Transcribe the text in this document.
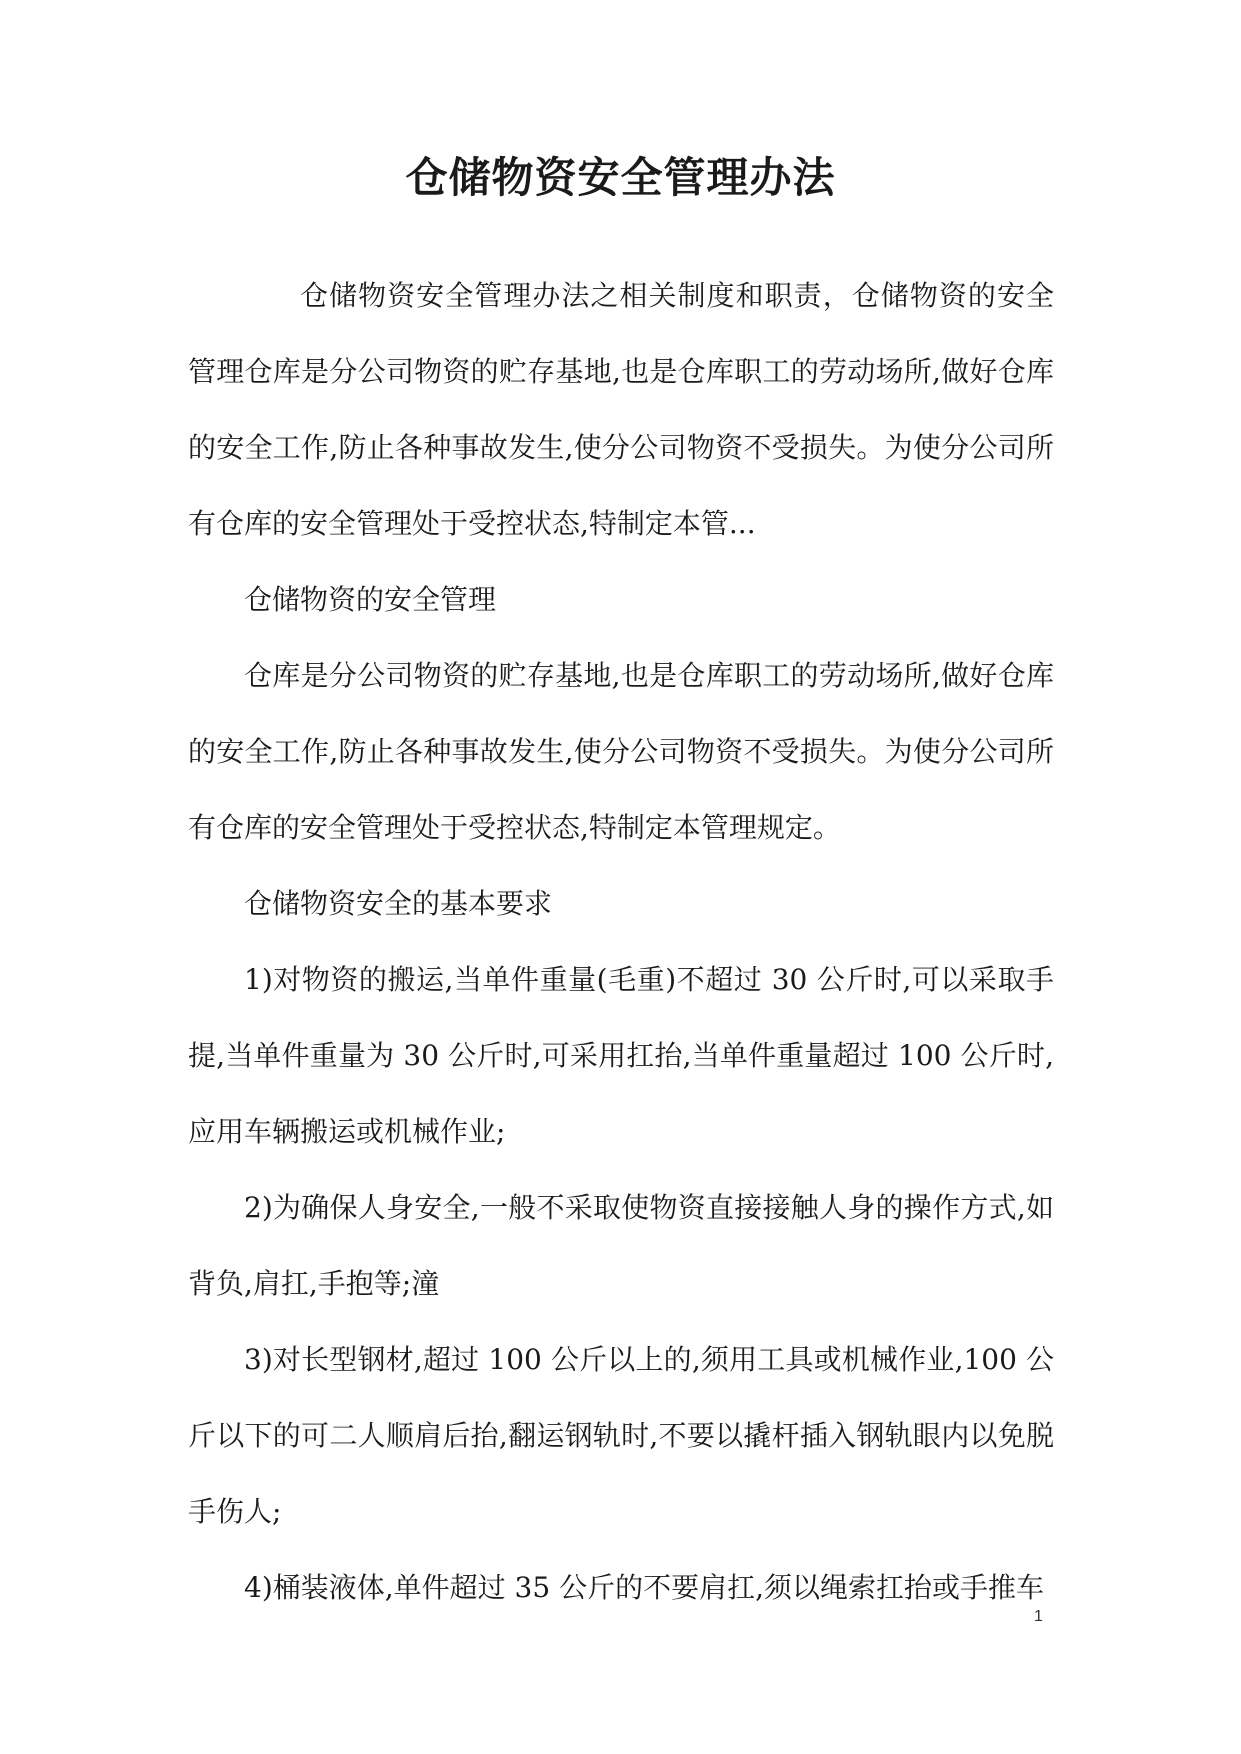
仓储物资安全管理办法

仓储物资安全管理办法之相关制度和职责，仓储物资的安全管理仓库是分公司物资的贮存基地,也是仓库职工的劳动场所,做好仓库的安全工作,防止各种事故发生,使分公司物资不受损失。为使分公司所有仓库的安全管理处于受控状态,特制定本管...

仓储物资的安全管理

仓库是分公司物资的贮存基地,也是仓库职工的劳动场所,做好仓库的安全工作,防止各种事故发生,使分公司物资不受损失。为使分公司所有仓库的安全管理处于受控状态,特制定本管理规定。

仓储物资安全的基本要求

1)对物资的搬运,当单件重量(毛重)不超过 30 公斤时,可以采取手提,当单件重量为 30 公斤时,可采用扛抬,当单件重量超过 100 公斤时,应用车辆搬运或机械作业;

2)为确保人身安全,一般不采取使物资直接接触人身的操作方式,如背负,肩扛,手抱等;潼

3)对长型钢材,超过 100 公斤以上的,须用工具或机械作业,100 公斤以下的可二人顺肩后抬,翻运钢轨时,不要以撬杆插入钢轨眼内以免脱手伤人;

4)桶装液体,单件超过 35 公斤的不要肩扛,须以绳索扛抬或手推车

1
